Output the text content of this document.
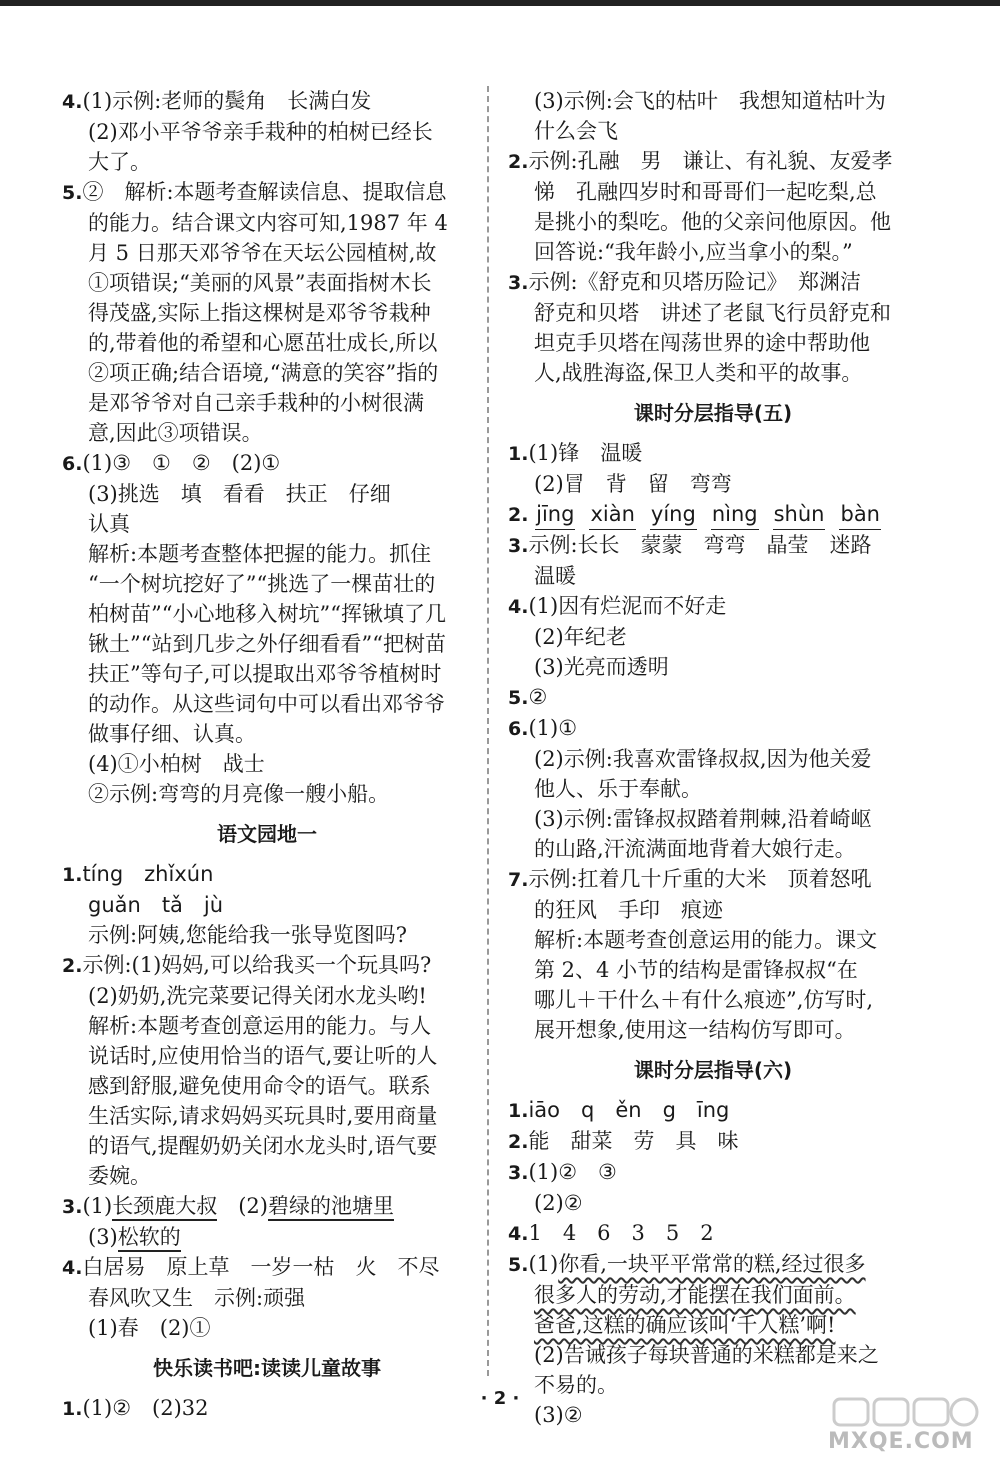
4.(1)示例:老师的鬓角　长满白发
(2)邓小平爷爷亲手栽种的柏树已经长
大了。
5.②　解析:本题考查解读信息、提取信息
的能力。结合课文内容可知,1987 年 4
月 5 日那天邓爷爷在天坛公园植树,故
①项错误;“美丽的风景”表面指树木长
得茂盛,实际上指这棵树是邓爷爷栽种
的,带着他的希望和心愿茁壮成长,所以
②项正确;结合语境,“满意的笑容”指的
是邓爷爷对自己亲手栽种的小树很满
意,因此③项错误。
6.(1)③　①　②　(2)①
(3)挑选　填　看看　扶正　仔细
认真
解析:本题考查整体把握的能力。抓住
“一个树坑挖好了”“挑选了一棵苗壮的
柏树苗”“小心地移入树坑”“挥锹填了几
锹土”“站到几步之外仔细看看”“把树苗
扶正”等句子,可以提取出邓爷爷植树时
的动作。从这些词句中可以看出邓爷爷
做事仔细、认真。
(4)①小柏树　战士
②示例:弯弯的月亮像一艘小船。
语文园地一
1.tíng　zhǐxún
guǎn　tǎ　jù
示例:阿姨,您能给我一张导览图吗?
2.示例:(1)妈妈,可以给我买一个玩具吗?
(2)奶奶,洗完菜要记得关闭水龙头哟!
解析:本题考查创意运用的能力。与人
说话时,应使用恰当的语气,要让听的人
感到舒服,避免使用命令的语气。联系
生活实际,请求妈妈买玩具时,要用商量
的语气,提醒奶奶关闭水龙头时,语气要
委婉。
3.(1)长颈鹿大叔　 (2)碧绿的池塘里
(3)松软的
4.白居易　原上草　一岁一枯　火　不尽
春风吹又生　示例:顽强
(1)春　(2)①
快乐读书吧:读读儿童故事
1.(1)②　(2)32
(3)示例:会飞的枯叶　我想知道枯叶为
什么会飞
2.示例:孔融　男　谦让、有礼貌、友爱孝
悌　孔融四岁时和哥哥们一起吃梨,总
是挑小的梨吃。他的父亲问他原因。他
回答说:“我年龄小,应当拿小的梨。”
3.示例:《舒克和贝塔历险记》　郑渊洁
舒克和贝塔　讲述了老鼠飞行员舒克和
坦克手贝塔在闯荡世界的途中帮助他
人,战胜海盗,保卫人类和平的故事。
课时分层指导(五)
1.(1)锋　温暖
(2)冒　背　留　弯弯
2. jīng xiàn yíng nìng shùn bàn
3.示例:长长　蒙蒙　弯弯　晶莹　迷路
温暖
4.(1)因有烂泥而不好走
(2)年纪老
(3)光亮而透明
5.②
6.(1)①
(2)示例:我喜欢雷锋叔叔,因为他关爱
他人、乐于奉献。
(3)示例:雷锋叔叔踏着荆棘,沿着崎岖
的山路,汗流满面地背着大娘行走。
7.示例:扛着几十斤重的大米　顶着怒吼
的狂风　手印　痕迹
解析:本题考查创意运用的能力。课文
第 2、4 小节的结构是雷锋叔叔“在
哪儿＋干什么＋有什么痕迹”,仿写时,
展开想象,使用这一结构仿写即可。
课时分层指导(六)
1.iāo　q　ěn　g　īng
2.能　甜菜　劳　具　味
3.(1)②　③
(2)②
4.1　4　6　3　5　2
5.(1)你看,一块平平常常的糕,经过很多
很多人的劳动,才能摆在我们面前。
爸爸,这糕的确应该叫‘千人糕’啊!
(2)告诫孩子每块普通的米糕都是来之
不易的。
(3)②
· 2 ·
MXQE.COM
